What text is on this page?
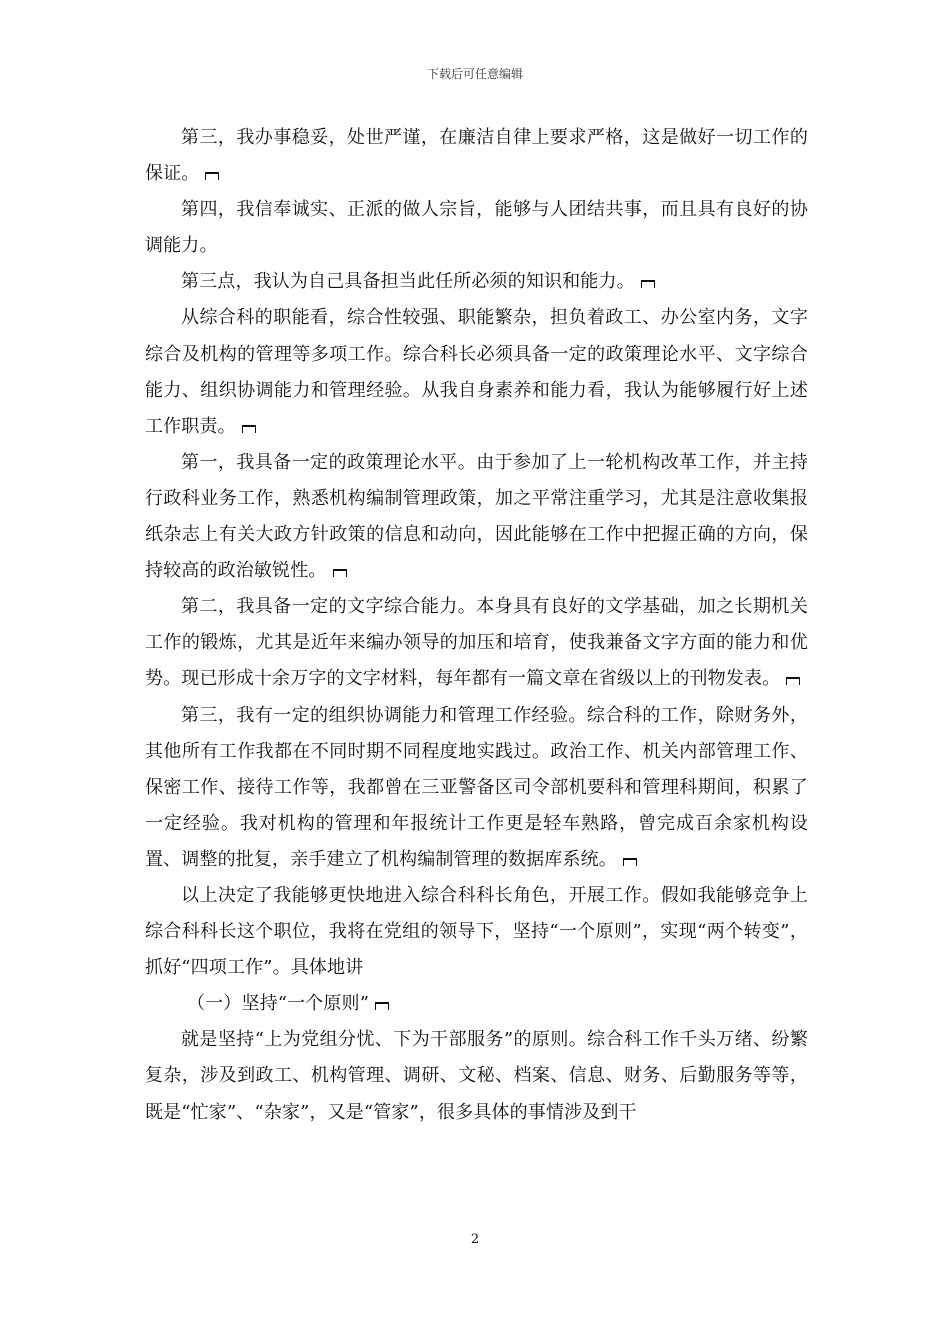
下载后可任意编辑

第三，我办事稳妥，处世严谨，在廉洁自律上要求严格，这是做好一切工作的保证。

第四，我信奉诚实、正派的做人宗旨，能够与人团结共事，而且具有良好的协调能力。

第三点，我认为自己具备担当此任所必须的知识和能力。

从综合科的职能看，综合性较强、职能繁杂，担负着政工、办公室内务，文字综合及机构的管理等多项工作。综合科长必须具备一定的政策理论水平、文字综合能力、组织协调能力和管理经验。从我自身素养和能力看，我认为能够履行好上述工作职责。

第一，我具备一定的政策理论水平。由于参加了上一轮机构改革工作，并主持行政科业务工作，熟悉机构编制管理政策，加之平常注重学习，尤其是注意收集报纸杂志上有关大政方针政策的信息和动向，因此能够在工作中把握正确的方向，保持较高的政治敏锐性。

第二，我具备一定的文字综合能力。本身具有良好的文学基础，加之长期机关工作的锻炼，尤其是近年来编办领导的加压和培育，使我兼备文字方面的能力和优势。现已形成十余万字的文字材料，每年都有一篇文章在省级以上的刊物发表。

第三，我有一定的组织协调能力和管理工作经验。综合科的工作，除财务外，其他所有工作我都在不同时期不同程度地实践过。政治工作、机关内部管理工作、保密工作、接待工作等，我都曾在三亚警备区司令部机要科和管理科期间，积累了一定经验。我对机构的管理和年报统计工作更是轻车熟路，曾完成百余家机构设置、调整的批复，亲手建立了机构编制管理的数据库系统。

以上决定了我能够更快地进入综合科科长角色，开展工作。假如我能够竞争上综合科科长这个职位，我将在党组的领导下，坚持“一个原则”，实现“两个转变”，抓好“四项工作”。具体地讲

（一）坚持“一个原则”

就是坚持“上为党组分忧、下为干部服务”的原则。综合科工作千头万绪、纷繁复杂，涉及到政工、机构管理、调研、文秘、档案、信息、财务、后勤服务等等，既是“忙家”、“杂家”，又是“管家”，很多具体的事情涉及到干

2
